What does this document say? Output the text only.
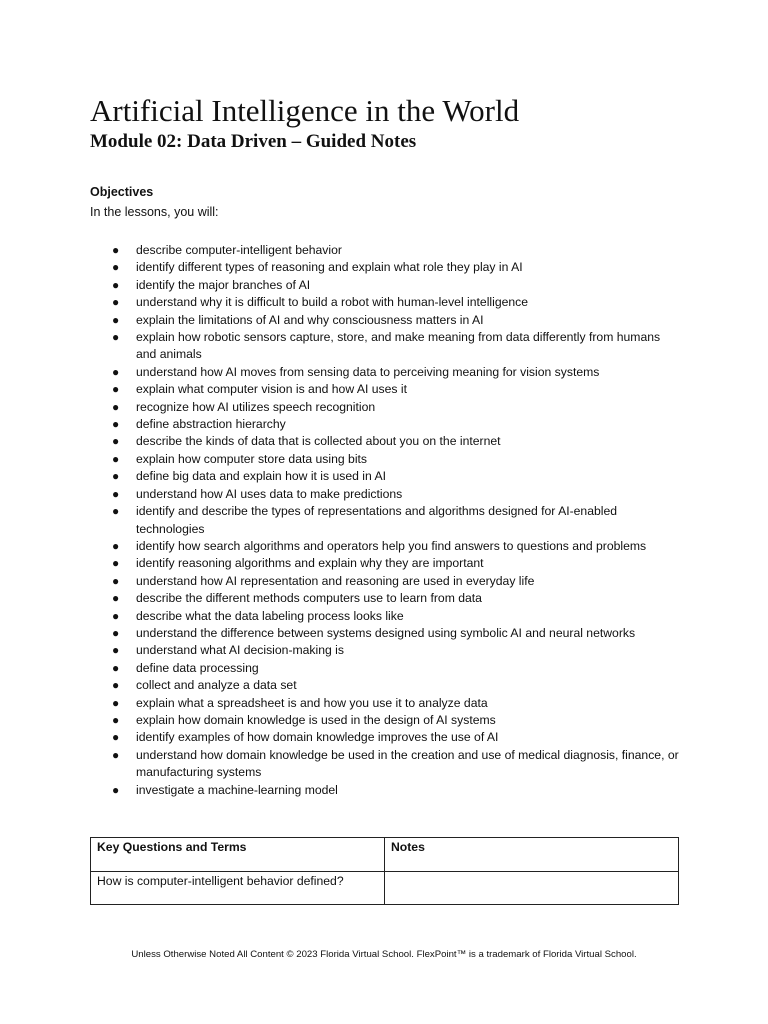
Artificial Intelligence in the World
Module 02: Data Driven – Guided Notes

Objectives

In the lessons, you will:

● describe computer-intelligent behavior
● identify different types of reasoning and explain what role they play in AI
● identify the major branches of AI
● understand why it is difficult to build a robot with human-level intelligence
● explain the limitations of AI and why consciousness matters in AI
● explain how robotic sensors capture, store, and make meaning from data differently from humans and animals
● understand how AI moves from sensing data to perceiving meaning for vision systems
● explain what computer vision is and how AI uses it
● recognize how AI utilizes speech recognition
● define abstraction hierarchy
● describe the kinds of data that is collected about you on the internet
● explain how computer store data using bits
● define big data and explain how it is used in AI
● understand how AI uses data to make predictions
● identify and describe the types of representations and algorithms designed for AI-enabled technologies
● identify how search algorithms and operators help you find answers to questions and problems
● identify reasoning algorithms and explain why they are important
● understand how AI representation and reasoning are used in everyday life
● describe the different methods computers use to learn from data
● describe what the data labeling process looks like
● understand the difference between systems designed using symbolic AI and neural networks
● understand what AI decision-making is
● define data processing
● collect and analyze a data set
● explain what a spreadsheet is and how you use it to analyze data
● explain how domain knowledge is used in the design of AI systems
● identify examples of how domain knowledge improves the use of AI
● understand how domain knowledge be used in the creation and use of medical diagnosis, finance, or manufacturing systems
● investigate a machine-learning model
Key Questions and Terms	Notes
How is computer-intelligent behavior defined?	

Unless Otherwise Noted All Content © 2023 Florida Virtual School. FlexPoint™ is a trademark of Florida Virtual School.
